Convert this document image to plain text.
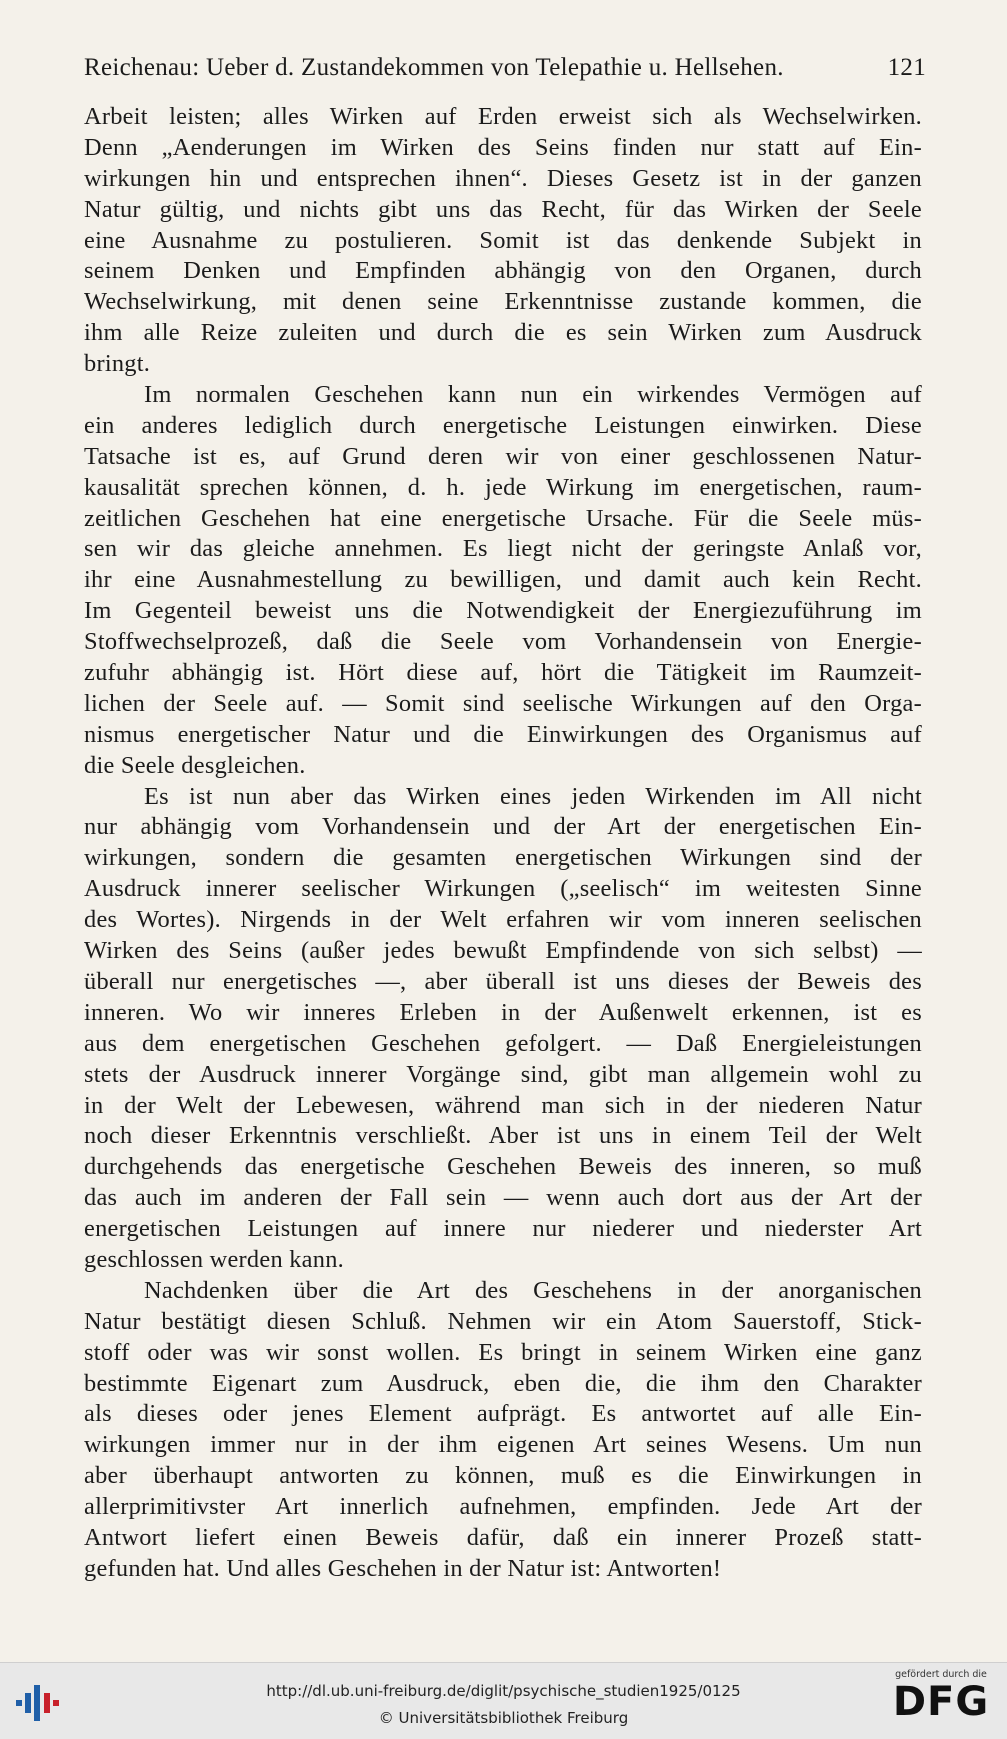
Reichenau: Ueber d. Zustandekommen von Telepathie u. Hellsehen.	121
Arbeit leisten; alles Wirken auf Erden erweist sich als Wechselwirken.
Denn „Aenderungen im Wirken des Seins finden nur statt auf Ein-
wirkungen hin und entsprechen ihnen“. Dieses Gesetz ist in der ganzen
Natur gültig, und nichts gibt uns das Recht, für das Wirken der Seele
eine Ausnahme zu postulieren. Somit ist das denkende Subjekt in
seinem Denken und Empfinden abhängig von den Organen, durch
Wechselwirkung, mit denen seine Erkenntnisse zustande kommen, die
ihm alle Reize zuleiten und durch die es sein Wirken zum Ausdruck
bringt.
Im normalen Geschehen kann nun ein wirkendes Vermögen auf
ein anderes lediglich durch energetische Leistungen einwirken. Diese
Tatsache ist es, auf Grund deren wir von einer geschlossenen Natur-
kausalität sprechen können, d. h. jede Wirkung im energetischen, raum-
zeitlichen Geschehen hat eine energetische Ursache. Für die Seele müs-
sen wir das gleiche annehmen. Es liegt nicht der geringste Anlaß vor,
ihr eine Ausnahmestellung zu bewilligen, und damit auch kein Recht.
Im Gegenteil beweist uns die Notwendigkeit der Energiezuführung im
Stoffwechselprozeß, daß die Seele vom Vorhandensein von Energie-
zufuhr abhängig ist. Hört diese auf, hört die Tätigkeit im Raumzeit-
lichen der Seele auf. — Somit sind seelische Wirkungen auf den Orga-
nismus energetischer Natur und die Einwirkungen des Organismus auf
die Seele desgleichen.
Es ist nun aber das Wirken eines jeden Wirkenden im All nicht
nur abhängig vom Vorhandensein und der Art der energetischen Ein-
wirkungen, sondern die gesamten energetischen Wirkungen sind der
Ausdruck innerer seelischer Wirkungen („seelisch“ im weitesten Sinne
des Wortes). Nirgends in der Welt erfahren wir vom inneren seelischen
Wirken des Seins (außer jedes bewußt Empfindende von sich selbst) —
überall nur energetisches —, aber überall ist uns dieses der Beweis des
inneren. Wo wir inneres Erleben in der Außenwelt erkennen, ist es
aus dem energetischen Geschehen gefolgert. — Daß Energieleistungen
stets der Ausdruck innerer Vorgänge sind, gibt man allgemein wohl zu
in der Welt der Lebewesen, während man sich in der niederen Natur
noch dieser Erkenntnis verschließt. Aber ist uns in einem Teil der Welt
durchgehends das energetische Geschehen Beweis des inneren, so muß
das auch im anderen der Fall sein — wenn auch dort aus der Art der
energetischen Leistungen auf innere nur niederer und niederster Art
geschlossen werden kann.
Nachdenken über die Art des Geschehens in der anorganischen
Natur bestätigt diesen Schluß. Nehmen wir ein Atom Sauerstoff, Stick-
stoff oder was wir sonst wollen. Es bringt in seinem Wirken eine ganz
bestimmte Eigenart zum Ausdruck, eben die, die ihm den Charakter
als dieses oder jenes Element aufprägt. Es antwortet auf alle Ein-
wirkungen immer nur in der ihm eigenen Art seines Wesens. Um nun
aber überhaupt antworten zu können, muß es die Einwirkungen in
allerprimitivster Art innerlich aufnehmen, empfinden. Jede Art der
Antwort liefert einen Beweis dafür, daß ein innerer Prozeß statt-
gefunden hat. Und alles Geschehen in der Natur ist: Antworten!
http://dl.ub.uni-freiburg.de/diglit/psychische_studien1925/0125
© Universitätsbibliothek Freiburg
gefördert durch die
DFG
